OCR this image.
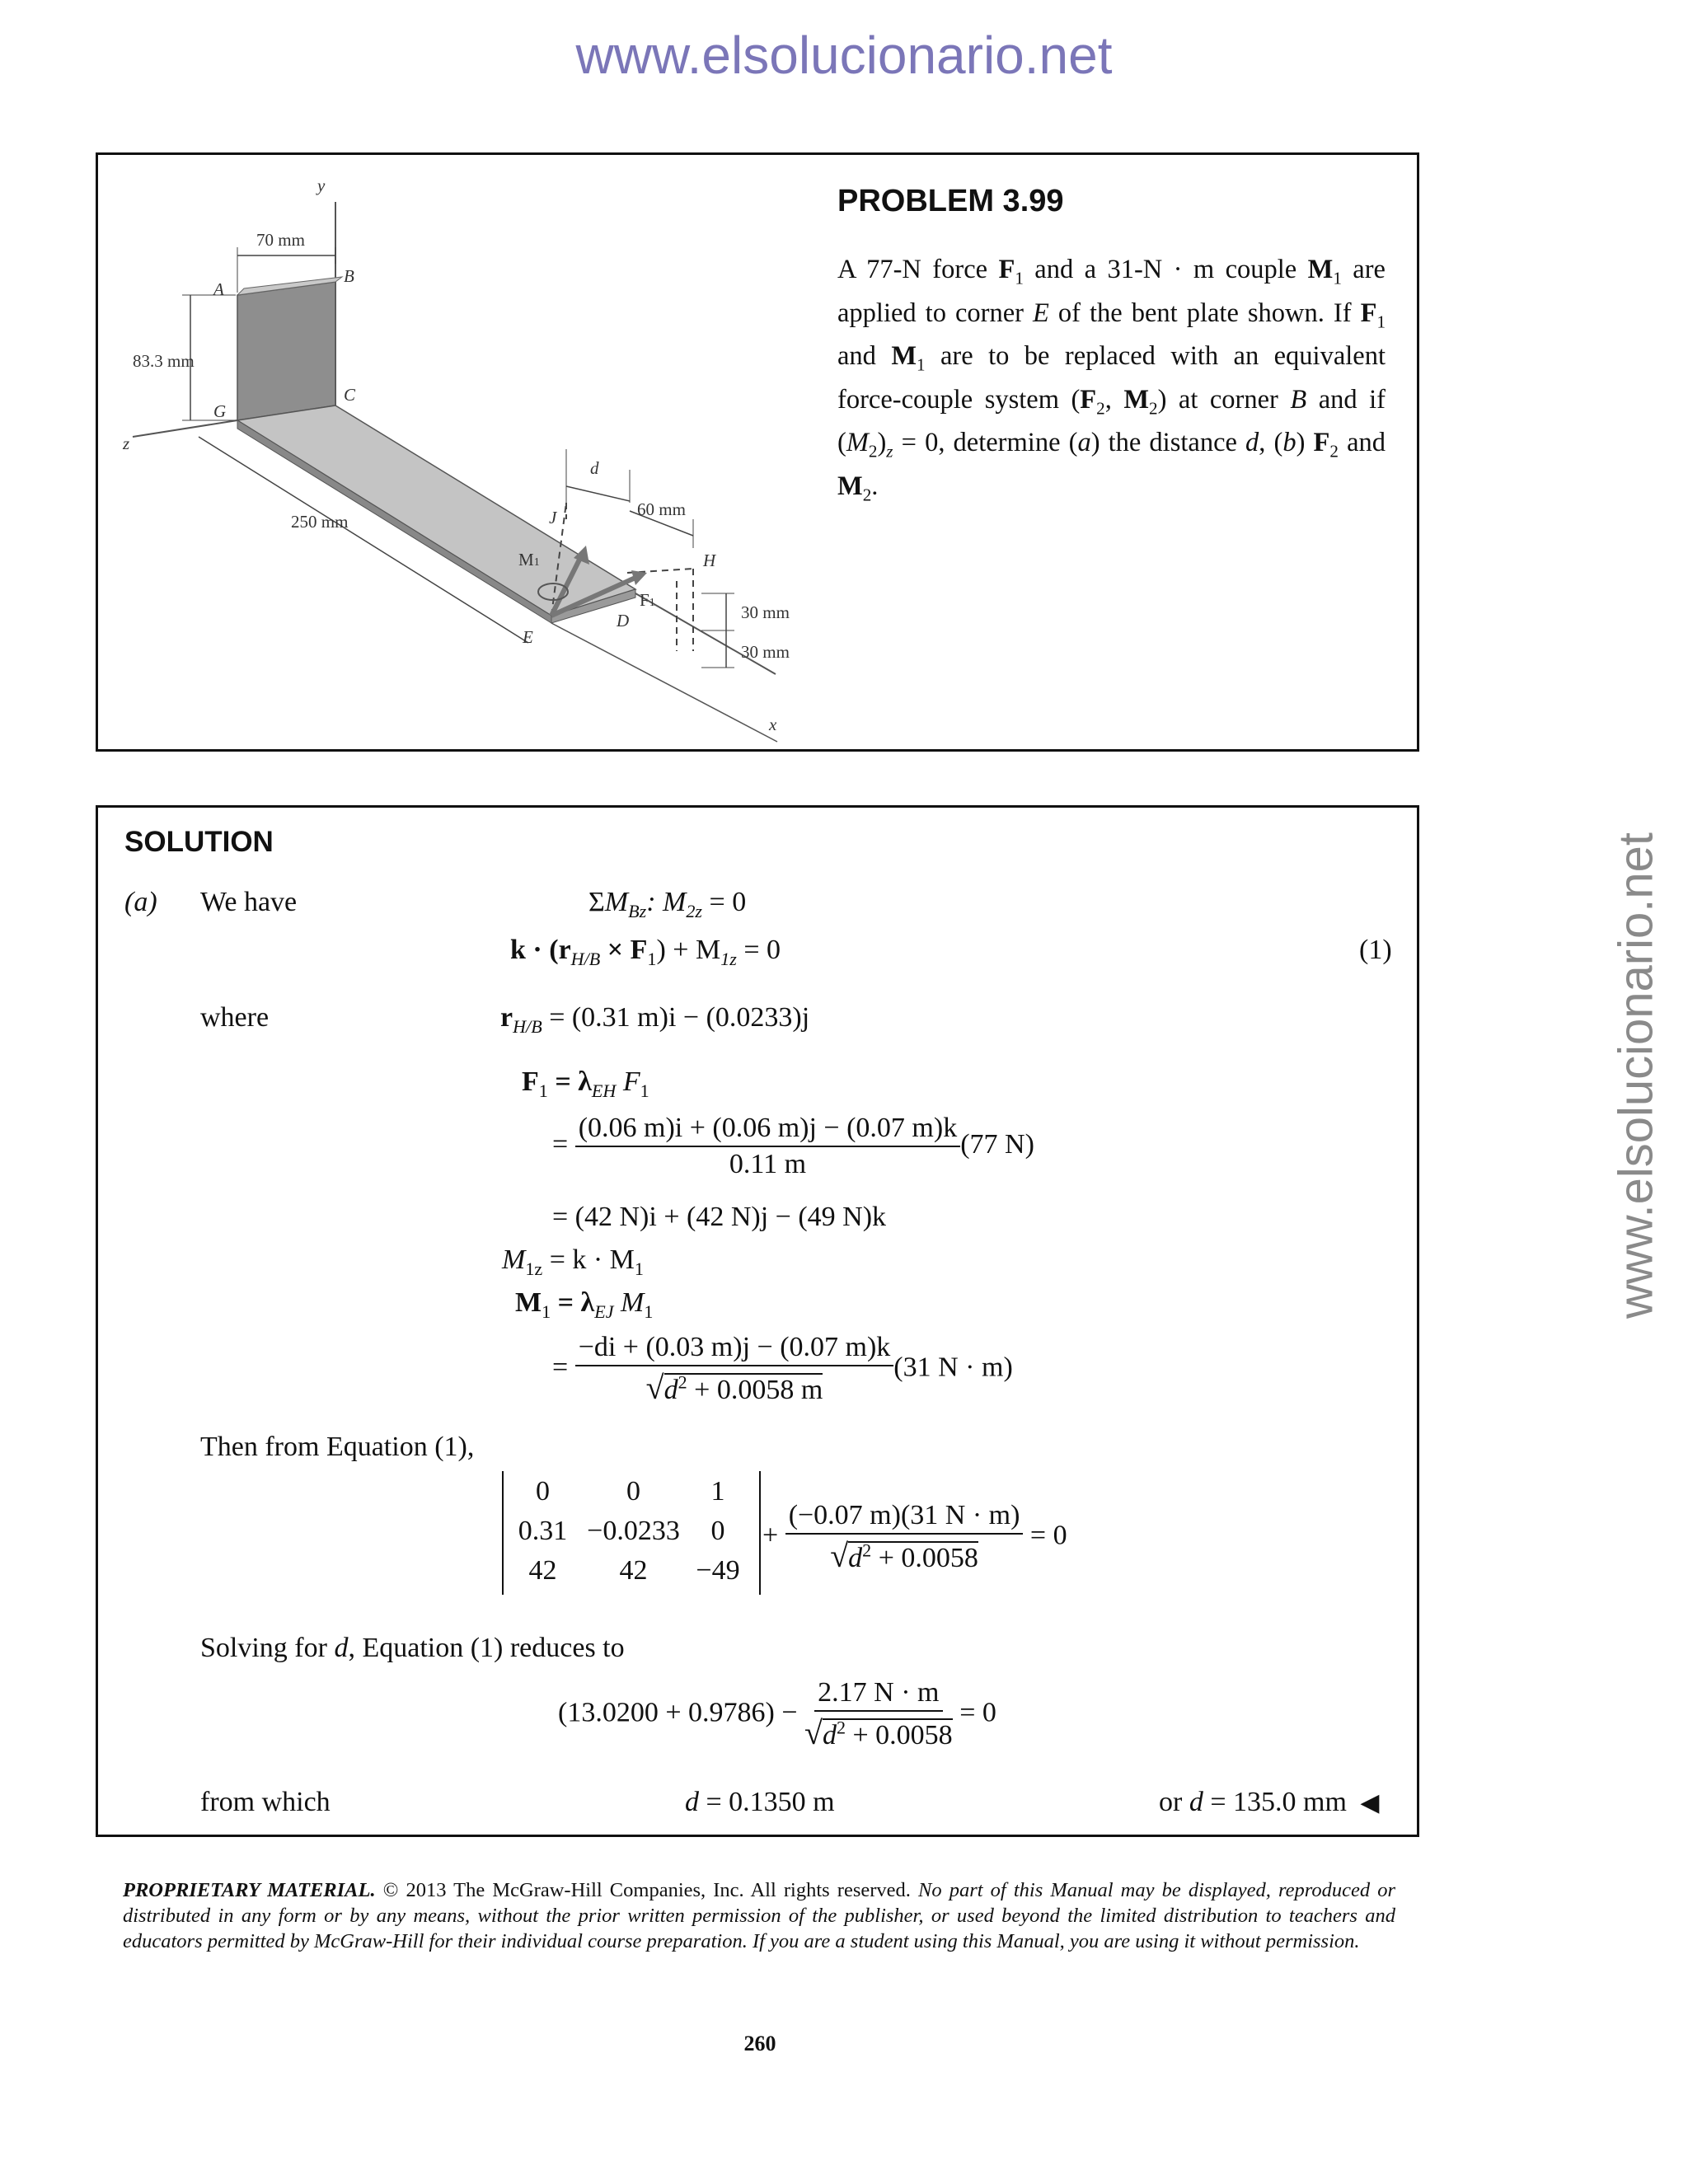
www.elsolucionario.net
www.elsolucionario.net
y
z
x
70 mm
83.3 mm
A
B
C
G
250 mm
d
60 mm
J
H
30 mm
30 mm
M1
F1
E
D
PROBLEM 3.99
A 77-N force $F_1$ and a 31-N · m couple $M_1$ are applied to corner E of the bent plate shown. If $F_1$ and $M_1$ are to be replaced with an equivalent force-couple system ($F_2$, $M_2$) at corner B and if $(M_2)_z = 0$, determine (a) the distance d, (b) $F_2$ and $M_2$.
SOLUTION
(a) We have	$\Sigma M_{Bz}$: $M_{2z} = 0$
$k \cdot (r_{H/B} \times F_1) + M_{1z} = 0$	(1)
where	$r_{H/B} = (0.31$ m)i − (0.0233)j
$F_1 = \lambda_{EH}$ $F_1$
= $\frac{(0.06 m)i + (0.06 m)j - (0.07 m)k}{0.11 m} (77$ N)
= (42 N)i + (42 N)j − (49 N)k
$M_{1z} = k \cdot M_1$
$M_1 = \lambda_{EJ}$ $M_1$
= $\frac{-di + (0.03 m)j - (0.07 m)k}{√d^2 + 0.0058 m} (31$ N · m)
Then from Equation (1),
0	0	1
0.31 −0.0233	0
42	42	−49
+ $\frac{(-0.07 m)(31 N \cdot m)}{√d^2 + 0.0058} = 0$
Solving for d, Equation (1) reduces to
$(13.0200 + 0.9786) - \frac{2.17 N \cdot m}{√d^2 + 0.0058} = 0$
from which	d = 0.1350 m	or d = 135.0 mm ◀
PROPRIETARY MATERIAL. © 2013 The McGraw-Hill Companies, Inc. All rights reserved. No part of this Manual may be displayed, reproduced or distributed in any form or by any means, without the prior written permission of the publisher, or used beyond the limited distribution to teachers and educators permitted by McGraw-Hill for their individual course preparation. If you are a student using this Manual, you are using it without permission.
260
